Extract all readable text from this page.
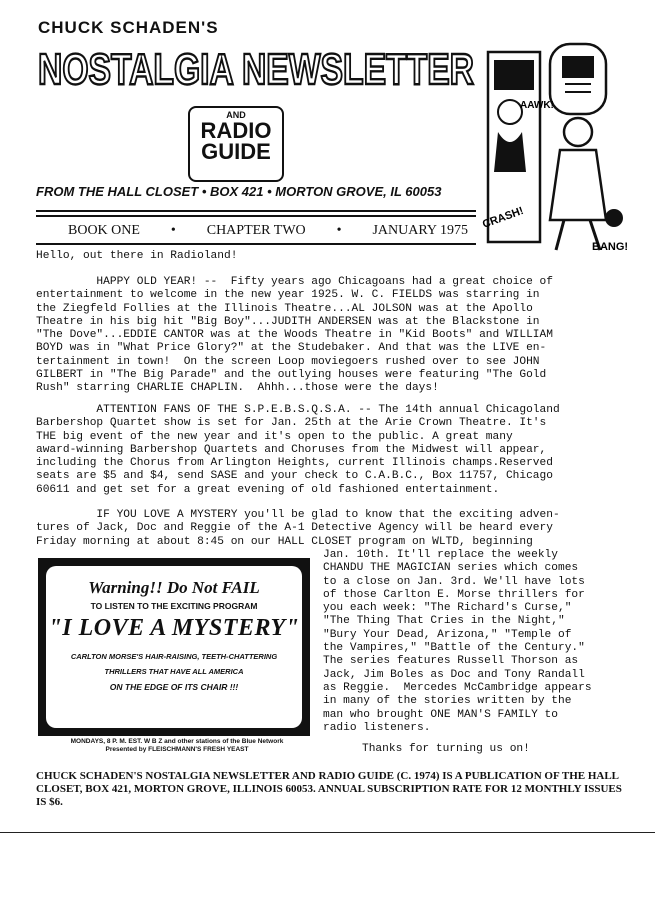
CHUCK SCHADEN'S
NOSTALGIA NEWSLETTER
AND
RADIO
GUIDE
FROM THE HALL CLOSET • BOX 421 • MORTON GROVE, IL 60053
BOOK ONE • CHAPTER TWO • JANUARY 1975
AAWK!
CRASH!
BANG!
Hello, out there in Radioland!
HAPPY OLD YEAR! --  Fifty years ago Chicagoans had a great choice of
entertainment to welcome in the new year 1925. W. C. FIELDS was starring in
the Ziegfeld Follies at the Illinois Theatre...AL JOLSON was at the Apollo
Theatre in his big hit "Big Boy"...JUDITH ANDERSEN was at the Blackstone in
"The Dove"...EDDIE CANTOR was at the Woods Theatre in "Kid Boots" and WILLIAM
BOYD was in "What Price Glory?" at the Studebaker. And that was the LIVE en-
tertainment in town!  On the screen Loop moviegoers rushed over to see JOHN
GILBERT in "The Big Parade" and the outlying houses were featuring "The Gold
Rush" starring CHARLIE CHAPLIN.  Ahhh...those were the days!
ATTENTION FANS OF THE S.P.E.B.S.Q.S.A. -- The 14th annual Chicagoland
Barbershop Quartet show is set for Jan. 25th at the Arie Crown Theatre. It's
THE big event of the new year and it's open to the public. A great many
award-winning Barbershop Quartets and Choruses from the Midwest will appear,
including the Chorus from Arlington Heights, current Illinois champs.Reserved
seats are $5 and $4, send SASE and your check to C.A.B.C., Box 11757, Chicago
60611 and get set for a great evening of old fashioned entertainment.
IF YOU LOVE A MYSTERY you'll be glad to know that the exciting adven-
tures of Jack, Doc and Reggie of the A-1 Detective Agency will be heard every
Friday morning at about 8:45 on our HALL CLOSET program on WLTD, beginning
Jan. 10th. It'll replace the weekly
CHANDU THE MAGICIAN series which comes
to a close on Jan. 3rd. We'll have lots
of those Carlton E. Morse thrillers for
you each week: "The Richard's Curse,"
"The Thing That Cries in the Night,"
"Bury Your Dead, Arizona," "Temple of
the Vampires," "Battle of the Century."
The series features Russell Thorson as
Jack, Jim Boles as Doc and Tony Randall
as Reggie.  Mercedes McCambridge appears
in many of the stories written by the
man who brought ONE MAN'S FAMILY to
radio listeners.
Thanks for turning us on!
Warning!! Do Not FAIL
TO LISTEN TO THE EXCITING PROGRAM
"I LOVE A MYSTERY"
CARLTON MORSE'S HAIR-RAISING, TEETH-CHATTERING
THRILLERS THAT HAVE ALL AMERICA
ON THE EDGE OF ITS CHAIR !!!
MONDAYS, 8 P. M. EST. W B Z and other stations of the Blue Network
Presented by FLEISCHMANN'S FRESH YEAST
CHUCK SCHADEN'S NOSTALGIA NEWSLETTER AND RADIO GUIDE (C. 1974) IS A PUBLICATION OF THE HALL CLOSET, BOX 421, MORTON GROVE, ILLINOIS 60053. ANNUAL SUBSCRIPTION RATE FOR 12 MONTHLY ISSUES IS $6.
